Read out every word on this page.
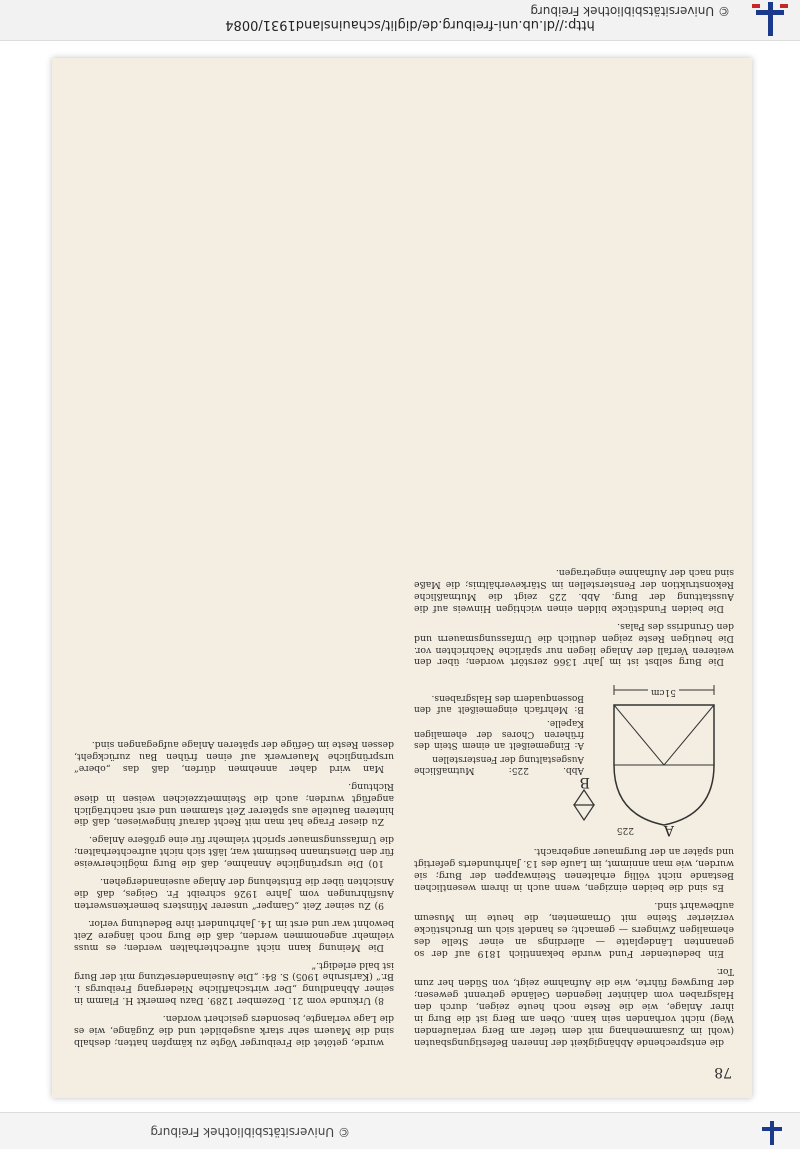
© Universitätsbibliothek Freiburg
http://dl.ub.uni-freiburg.de/diglit/schauinsland1931/0084
78

die entsprechende Abhängigkeit der Inneren Befestigungsbauten (wohl im Zusammenhang mit dem tiefer am Berg verlaufenden Weg) nicht vorhanden sein kann. Oben am Berg ist die Burg in ihrer Anlage, wie die Reste noch heute zeigen, durch den Halsgraben vom dahinter liegenden Gelände getrennt gewesen; der Burgweg führte, wie die Aufnahme zeigt, von Süden her zum Tor.

Ein bedeutender Fund wurde bekanntlich 1819 auf der so genannten Ländeplatte — allerdings an einer Stelle des ehemaligen Zwingers — gemacht; es handelt sich um Bruchstücke verzierter Steine mit Ornamenten, die heute im Museum aufbewahrt sind.

Es sind die beiden einzigen, wenn auch in ihrem wesentlichen Bestande nicht völlig erhaltenen Steinwappen der Burg; sie wurden, wie man annimmt, im Laufe des 13. Jahrhunderts gefertigt und später an der Burgmauer angebracht.

51cm
A
B
225
Abb. 225: Mutmaßliche Ausgestaltung der Fensterstellen
A: Eingemeißelt an einem Stein des früheren Chores der ehemaligen Kapelle.
B: Mehrfach eingemeißelt auf den Bossenquadern des Halsgrabens.

Die Burg selbst ist im Jahr 1366 zerstört worden; über den weiteren Verfall der Anlage liegen nur spärliche Nachrichten vor. Die heutigen Reste zeigen deutlich die Umfassungsmauern und den Grundriss des Palas.

Die beiden Fundstücke bilden einen wichtigen Hinweis auf die Ausstattung der Burg. Abb. 225 zeigt die Mutmaßliche Rekonstruktion der Fensterstellen im Stärkeverhältnis; die Maße sind nach der Aufnahme eingetragen.

wurde, getötet die Freiburger Vögte zu kämpfen hatten; deshalb sind die Mauern sehr stark ausgebildet und die Zugänge, wie es die Lage verlangte, besonders gesichert worden.

8) Urkunde vom 21. Dezember 1289. Dazu bemerkt H. Flamm in seiner Abhandlung „Der wirtschaftliche Niedergang Freiburgs i. Br.“ (Karlsruhe 1905) S. 84: „Die Auseinandersetzung mit der Burg ist bald erledigt.“

Die Meinung kann nicht aufrechterhalten werden; es muss vielmehr angenommen werden, daß die Burg noch längere Zeit bewohnt war und erst im 14. Jahrhundert ihre Bedeutung verlor.

9) Zu seiner Zeit „Gamper“ unserer Münsters bemerkenswerten Ausführungen vom Jahre 1926 schreibt Fr. Geiges, daß die Ansichten über die Entstehung der Anlage auseinandergehen.

10) Die ursprüngliche Annahme, daß die Burg möglicherweise für den Dienstmann bestimmt war, läßt sich nicht aufrechterhalten; die Umfassungsmauer spricht vielmehr für eine größere Anlage.

Zu dieser Frage hat man mit Recht darauf hingewiesen, daß die hinteren Bauteile aus späterer Zeit stammen und erst nachträglich angefügt wurden; auch die Steinmetzzeichen weisen in diese Richtung.

Man wird daher annehmen dürfen, daß das „obere“ ursprüngliche Mauerwerk auf einen frühen Bau zurückgeht, dessen Reste im Gefüge der späteren Anlage aufgegangen sind.

© Universitätsbibliothek Freiburg
